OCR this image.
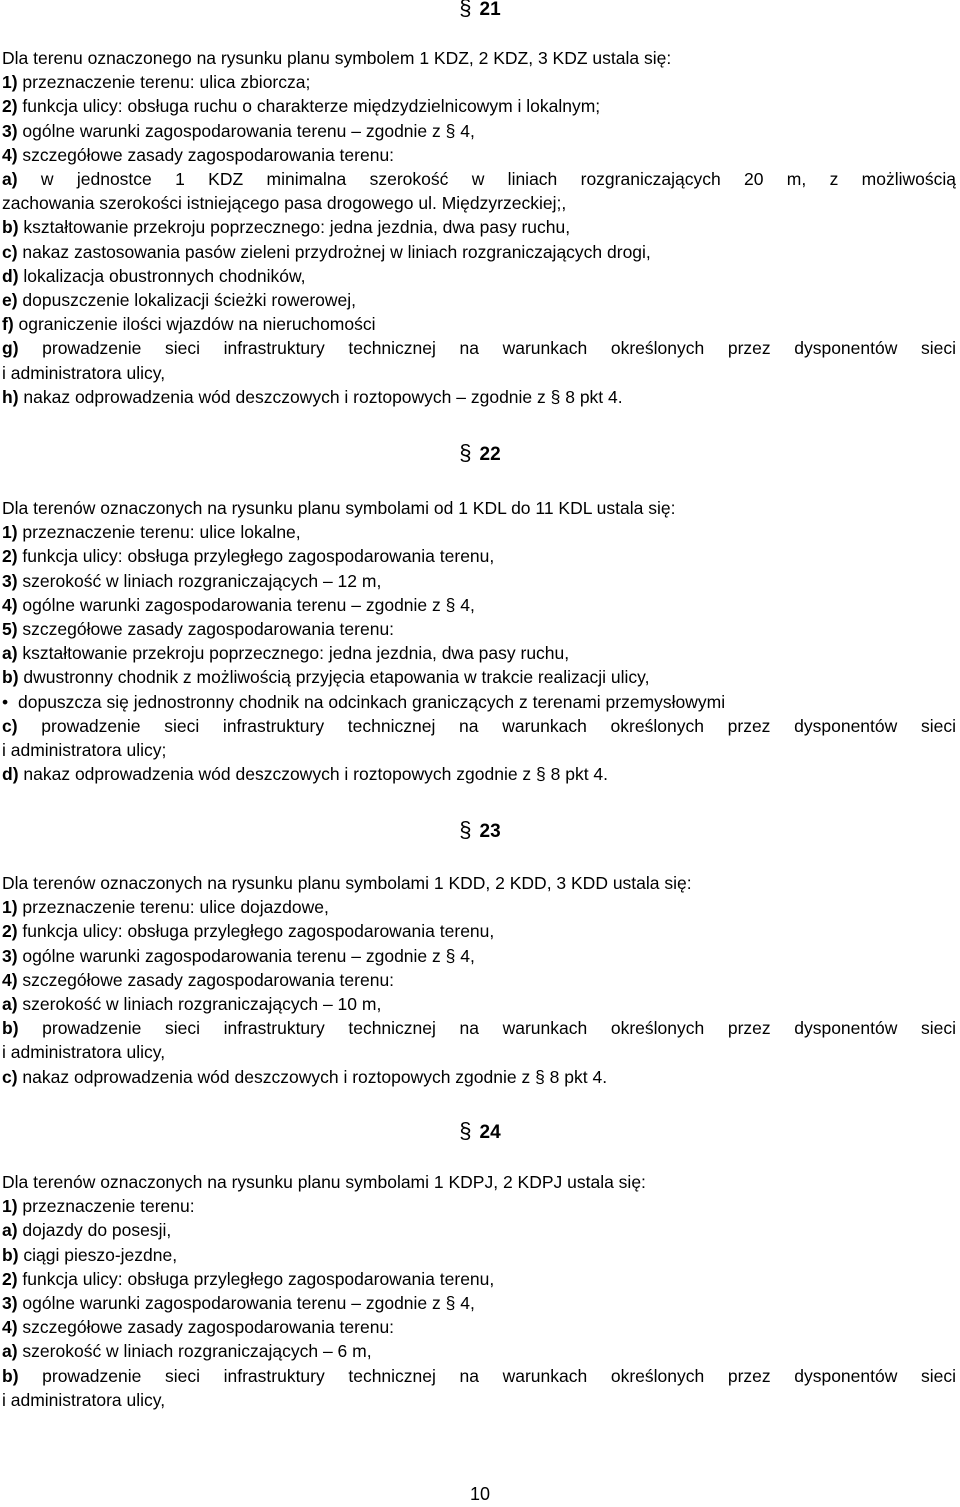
§ 21
Dla terenu oznaczonego na rysunku planu symbolem 1 KDZ, 2 KDZ, 3 KDZ ustala się:
1) przeznaczenie terenu: ulica zbiorcza;
2) funkcja ulicy: obsługa ruchu o charakterze międzydzielnicowym i lokalnym;
3) ogólne warunki zagospodarowania terenu – zgodnie z § 4,
4) szczegółowe zasady zagospodarowania terenu:
a) w jednostce 1 KDZ minimalna szerokość w liniach rozgraniczających 20 m, z możliwością
zachowania szerokości istniejącego pasa drogowego ul. Międzyrzeckiej;,
b) kształtowanie przekroju poprzecznego: jedna jezdnia, dwa pasy ruchu,
c) nakaz zastosowania pasów zieleni przydrożnej w liniach rozgraniczających drogi,
d) lokalizacja obustronnych chodników,
e) dopuszczenie lokalizacji ścieżki rowerowej,
f) ograniczenie ilości wjazdów na nieruchomości
g) prowadzenie sieci infrastruktury technicznej na warunkach określonych przez dysponentów sieci
i administratora ulicy,
h) nakaz odprowadzenia wód deszczowych i roztopowych – zgodnie z § 8 pkt 4.
§ 22
Dla terenów oznaczonych na rysunku planu symbolami od 1 KDL do 11 KDL ustala się:
1) przeznaczenie terenu: ulice lokalne,
2) funkcja ulicy: obsługa przyległego zagospodarowania terenu,
3) szerokość w liniach rozgraniczających – 12 m,
4) ogólne warunki zagospodarowania terenu – zgodnie z § 4,
5) szczegółowe zasady zagospodarowania terenu:
a) kształtowanie przekroju poprzecznego: jedna jezdnia, dwa pasy ruchu,
b) dwustronny chodnik z możliwością przyjęcia etapowania w trakcie realizacji ulicy,
• dopuszcza się jednostronny chodnik na odcinkach graniczących z terenami przemysłowymi
c) prowadzenie sieci infrastruktury technicznej na warunkach określonych przez dysponentów sieci
i administratora ulicy;
d) nakaz odprowadzenia wód deszczowych i roztopowych zgodnie z § 8 pkt 4.
§ 23
Dla terenów oznaczonych na rysunku planu symbolami 1 KDD, 2 KDD, 3 KDD ustala się:
1) przeznaczenie terenu: ulice dojazdowe,
2) funkcja ulicy: obsługa przyległego zagospodarowania terenu,
3) ogólne warunki zagospodarowania terenu – zgodnie z § 4,
4) szczegółowe zasady zagospodarowania terenu:
a) szerokość w liniach rozgraniczających – 10 m,
b) prowadzenie sieci infrastruktury technicznej na warunkach określonych przez dysponentów sieci
i administratora ulicy,
c) nakaz odprowadzenia wód deszczowych i roztopowych zgodnie z § 8 pkt 4.
§ 24
Dla terenów oznaczonych na rysunku planu symbolami 1 KDPJ, 2 KDPJ ustala się:
1) przeznaczenie terenu:
a) dojazdy do posesji,
b) ciągi pieszo-jezdne,
2) funkcja ulicy: obsługa przyległego zagospodarowania terenu,
3) ogólne warunki zagospodarowania terenu – zgodnie z § 4,
4) szczegółowe zasady zagospodarowania terenu:
a) szerokość w liniach rozgraniczających – 6 m,
b) prowadzenie sieci infrastruktury technicznej na warunkach określonych przez dysponentów sieci
i administratora ulicy,
10
